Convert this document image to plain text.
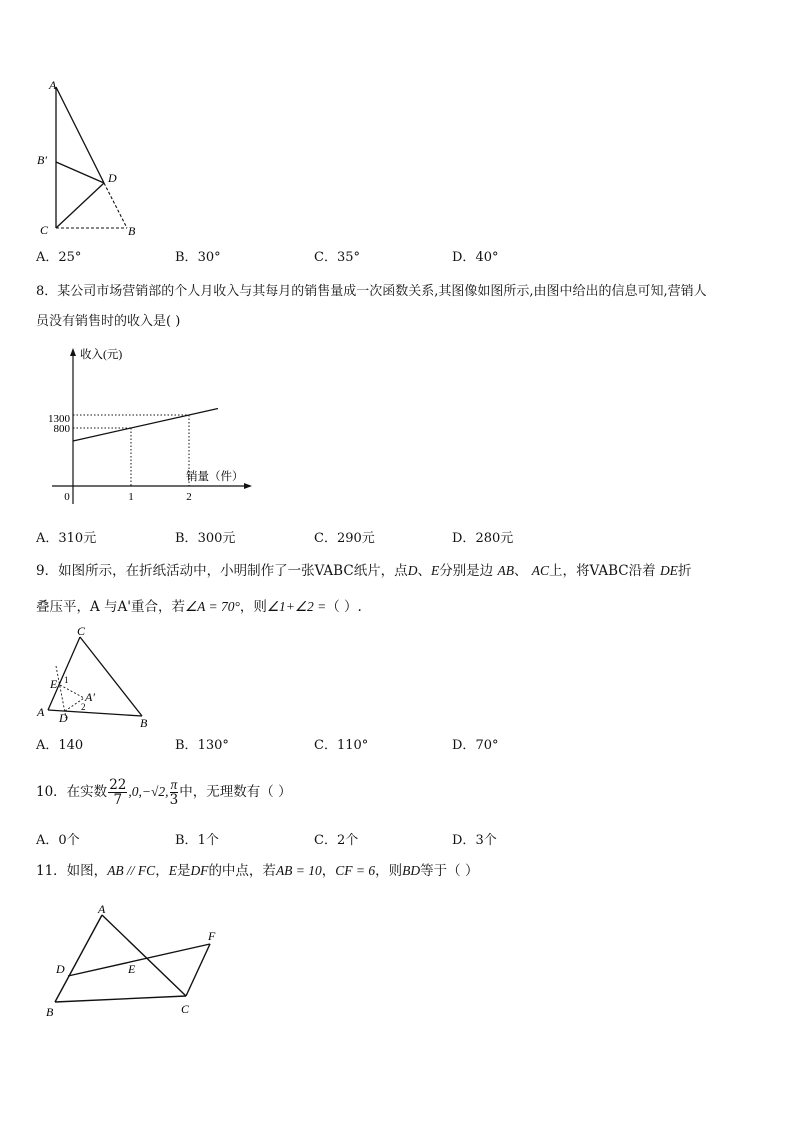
A
B′
D
C	B
A．25°	B．30°	C．35°	D．40°
8．某公司市场营销部的个人月收入与其每月的销售量成一次函数关系,其图像如图所示,由图中给出的信息可知,营销人
员没有销售时的收入是( )
收入(元)
销量（件）
800
1300
0	1	2
A．310元	B．300元	C．290元	D．280元
9．如图所示，在折纸活动中，小明制作了一张VABC纸片，点D、E分别是边 AB、 AC上，将VABC沿着 DE折
叠压平，A 与A'重合，若∠A = 70°，则∠1+∠2 =（ ）.
C
E 1
A D
A′
2
B
A．140	B．130°	C．110°	D．70°
10．在实数 $\frac{22}{7} ,0,-√2$, $\frac{\pi}{3}$ 中，无理数有（ ）
A．0个	B．1个	C．2个	D．3个
11．如图，AB // FC，E是DF的中点，若AB = 10，CF = 6，则BD等于（ ）
A
F
D	E
B	C
